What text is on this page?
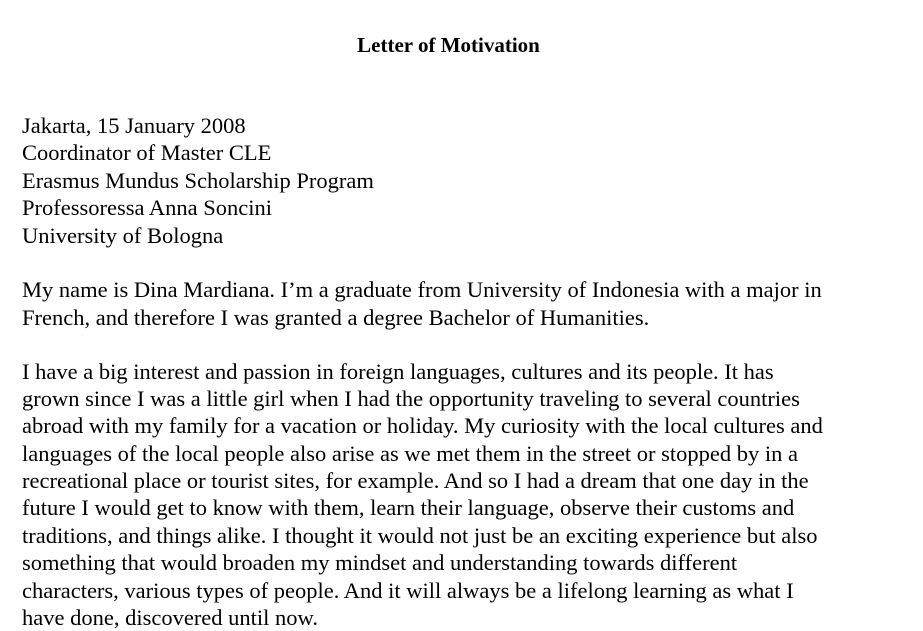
Letter of Motivation

Jakarta, 15 January 2008

Coordinator of Master CLE

Erasmus Mundus Scholarship Program

Professoressa Anna Soncini

University of Bologna

My name is Dina Mardiana. I’m a graduate from University of Indonesia with a major in

French, and therefore I was granted a degree Bachelor of Humanities.

I have a big interest and passion in foreign languages, cultures and its people. It has

grown since I was a little girl when I had the opportunity traveling to several countries

abroad with my family for a vacation or holiday. My curiosity with the local cultures and

languages of the local people also arise as we met them in the street or stopped by in a

recreational place or tourist sites, for example. And so I had a dream that one day in the

future I would get to know with them, learn their language, observe their customs and

traditions, and things alike. I thought it would not just be an exciting experience but also

something that would broaden my mindset and understanding towards different

characters, various types of people. And it will always be a lifelong learning as what I

have done, discovered until now.
